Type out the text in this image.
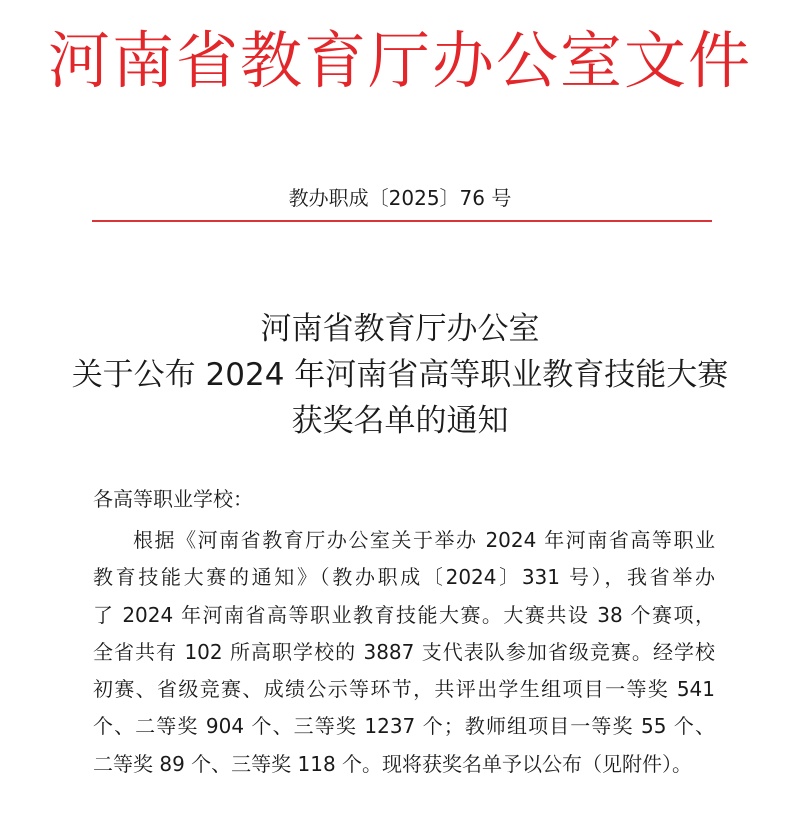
河南省教育厅办公室文件
教办职成〔2025〕76 号
河南省教育厅办公室
关于公布 2024 年河南省高等职业教育技能大赛
获奖名单的通知
各高等职业学校：
根据《河南省教育厅办公室关于举办 2024 年河南省高等职业
教育技能大赛的通知》（教办职成〔2024〕331 号），我省举办
了 2024 年河南省高等职业教育技能大赛。大赛共设 38 个赛项，
全省共有 102 所高职学校的 3887 支代表队参加省级竞赛。经学校
初赛、省级竞赛、成绩公示等环节，共评出学生组项目一等奖 541
个、二等奖 904 个、三等奖 1237 个；教师组项目一等奖 55 个、
二等奖 89 个、三等奖 118 个。现将获奖名单予以公布（见附件）。
